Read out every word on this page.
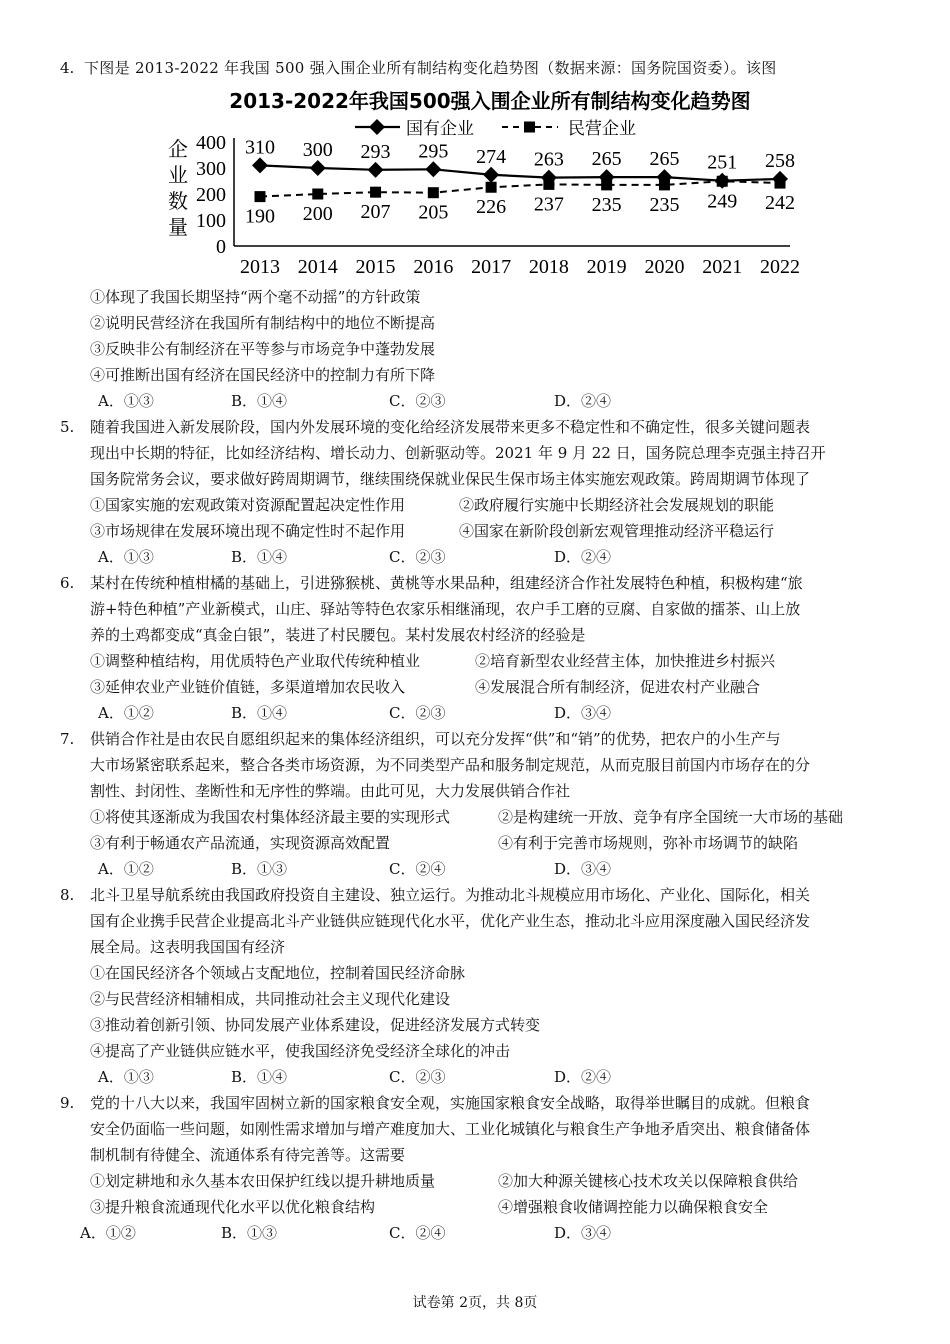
4. 下图是 2013-2022 年我国 500 强入围企业所有制结构变化趋势图（数据来源：国务院国资委）。该图
2013-2022年我国500强入围企业所有制结构变化趋势图
企
业
数
量
0
100
200
300
400
2013 2014 2015 2016 2017 2018 2019 2020 2021 2022
310 300 293 295 274 263 265 265 251 258
190 200 207 205 226 237 235 235 249 242
国有企业	民营企业
①体现了我国长期坚持“两个毫不动摇”的方针政策
②说明民营经济在我国所有制结构中的地位不断提高
③反映非公有制经济在平等参与市场竞争中蓬勃发展
④可推断出国有经济在国民经济中的控制力有所下降
A．①③	B．①④	C．②③	D．②④
5. 随着我国进入新发展阶段，国内外发展环境的变化给经济发展带来更多不稳定性和不确定性，很多关键问题表
现出中长期的特征，比如经济结构、增长动力、创新驱动等。2021 年 9 月 22 日，国务院总理李克强主持召开
国务院常务会议，要求做好跨周期调节，继续围绕保就业保民生保市场主体实施宏观政策。跨周期调节体现了
①国家实施的宏观政策对资源配置起决定性作用	②政府履行实施中长期经济社会发展规划的职能
③市场规律在发展环境出现不确定性时不起作用	④国家在新阶段创新宏观管理推动经济平稳运行
A．①③	B．①④	C．②③	D．②④
6. 某村在传统种植柑橘的基础上，引进猕猴桃、黄桃等水果品种，组建经济合作社发展特色种植，积极构建“旅
游+特色种植”产业新模式，山庄、驿站等特色农家乐相继涌现，农户手工磨的豆腐、自家做的擂茶、山上放
养的土鸡都变成“真金白银”，装进了村民腰包。某村发展农村经济的经验是
①调整种植结构，用优质特色产业取代传统种植业	②培育新型农业经营主体，加快推进乡村振兴
③延伸农业产业链价值链，多渠道增加农民收入	④发展混合所有制经济，促进农村产业融合
A．①②	B．①④	C．②③	D．③④
7. 供销合作社是由农民自愿组织起来的集体经济组织，可以充分发挥“供”和“销”的优势，把农户的小生产与
大市场紧密联系起来，整合各类市场资源，为不同类型产品和服务制定规范，从而克服目前国内市场存在的分
割性、封闭性、垄断性和无序性的弊端。由此可见，大力发展供销合作社
①将使其逐渐成为我国农村集体经济最主要的实现形式	②是构建统一开放、竞争有序全国统一大市场的基础
③有利于畅通农产品流通，实现资源高效配置	④有利于完善市场规则，弥补市场调节的缺陷
A．①②	B．①③	C．②④	D．③④
8. 北斗卫星导航系统由我国政府投资自主建设、独立运行。为推动北斗规模应用市场化、产业化、国际化，相关
国有企业携手民营企业提高北斗产业链供应链现代化水平，优化产业生态，推动北斗应用深度融入国民经济发
展全局。这表明我国国有经济
①在国民经济各个领域占支配地位，控制着国民经济命脉
②与民营经济相辅相成，共同推动社会主义现代化建设
③推动着创新引领、协同发展产业体系建设，促进经济发展方式转变
④提高了产业链供应链水平，使我国经济免受经济全球化的冲击
A．①③	B．①④	C．②③	D．②④
9. 党的十八大以来，我国牢固树立新的国家粮食安全观，实施国家粮食安全战略，取得举世瞩目的成就。但粮食
安全仍面临一些问题，如刚性需求增加与增产难度加大、工业化城镇化与粮食生产争地矛盾突出、粮食储备体
制机制有待健全、流通体系有待完善等。这需要
①划定耕地和永久基本农田保护红线以提升耕地质量	②加大种源关键核心技术攻关以保障粮食供给
③提升粮食流通现代化水平以优化粮食结构	④增强粮食收储调控能力以确保粮食安全
A．①②	B．①③	C．②④	D．③④
试卷第 2页，共 8页
